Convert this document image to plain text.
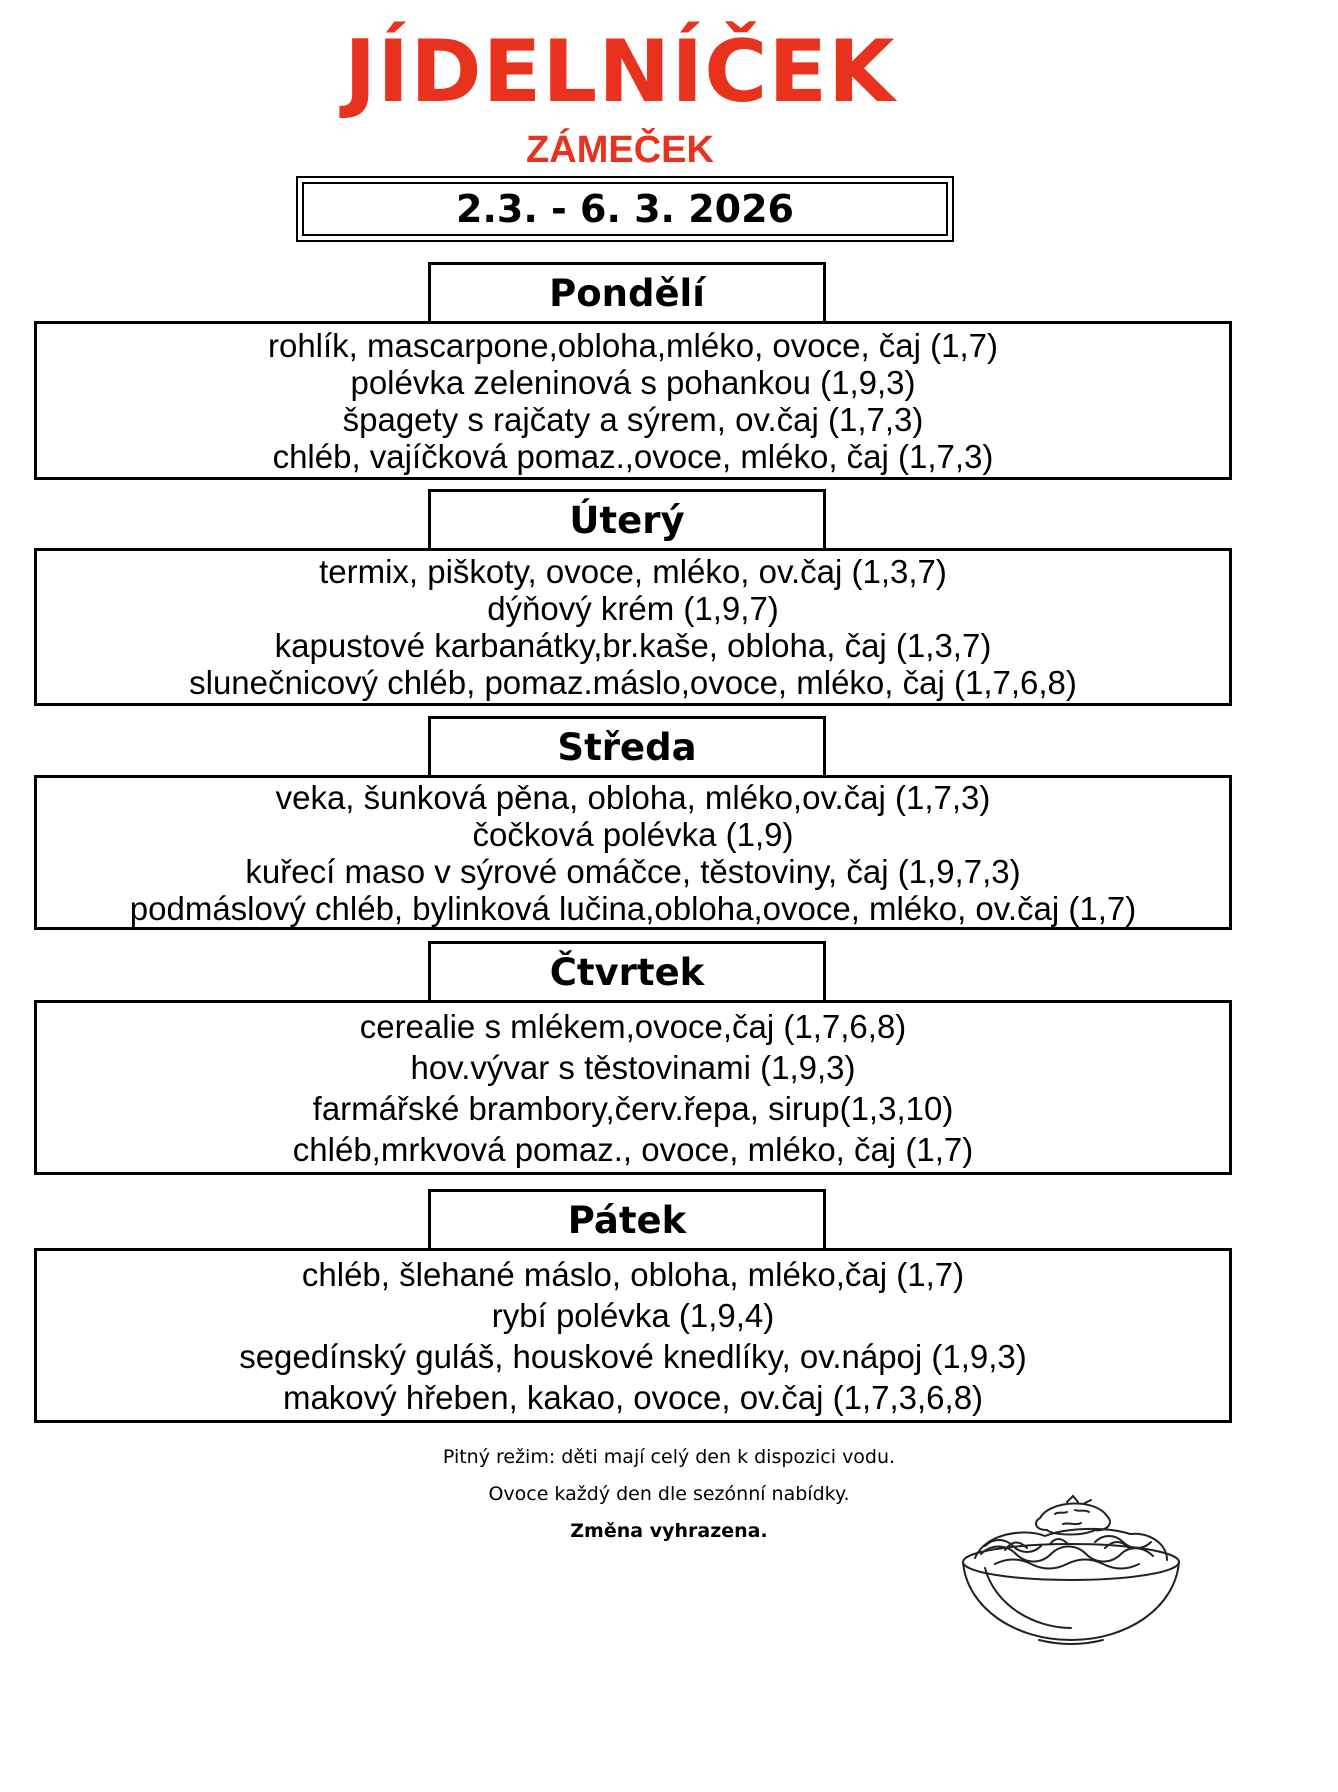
JÍDELNÍČEK
ZÁMEČEK
2.3. - 6. 3. 2026
Pondělí
rohlík, mascarpone,obloha,mléko, ovoce, čaj (1,7)
polévka zeleninová s pohankou (1,9,3)
špagety s rajčaty a sýrem, ov.čaj (1,7,3)
chléb, vajíčková pomaz.,ovoce, mléko, čaj (1,7,3)
Úterý
termix, piškoty, ovoce, mléko, ov.čaj (1,3,7)
dýňový krém (1,9,7)
kapustové karbanátky,br.kaše, obloha, čaj (1,3,7)
slunečnicový chléb, pomaz.máslo,ovoce, mléko, čaj (1,7,6,8)
Středa
veka, šunková pěna, obloha, mléko,ov.čaj (1,7,3)
čočková polévka (1,9)
kuřecí maso v sýrové omáčce, těstoviny, čaj (1,9,7,3)
podmáslový chléb, bylinková lučina,obloha,ovoce, mléko, ov.čaj (1,7)
Čtvrtek
cerealie s mlékem,ovoce,čaj (1,7,6,8)
hov.vývar s těstovinami (1,9,3)
farmářské brambory,červ.řepa, sirup(1,3,10)
chléb,mrkvová pomaz., ovoce, mléko, čaj (1,7)
Pátek
chléb, šlehané máslo, obloha, mléko,čaj (1,7)
rybí polévka (1,9,4)
segedínský guláš, houskové knedlíky, ov.nápoj (1,9,3)
makový hřeben, kakao, ovoce, ov.čaj (1,7,3,6,8)
Pitný režim: děti mají celý den k dispozici vodu.
Ovoce každý den dle sezónní nabídky.
Změna vyhrazena.
